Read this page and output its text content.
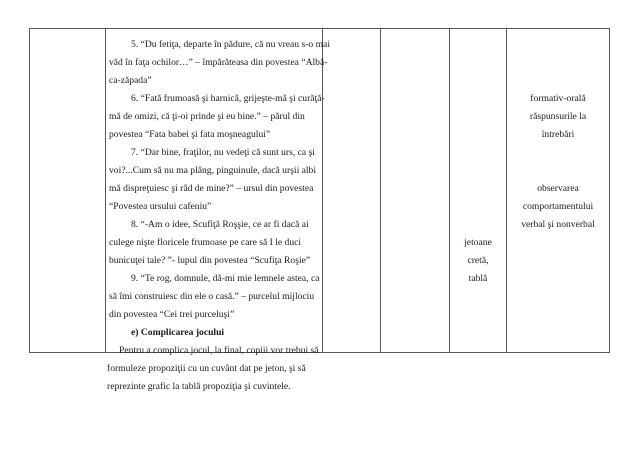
5. “Du fetiţa, departe în pădure, că nu vreau s-o mai
văd în faţa ochilor…” – împărăteasa din povestea “Albă-
ca-zăpada”
6. “Fată frumoasă şi harnică, grijeşte-mă şi curăţă-
mă de omizi, că ţi-oi prinde şi eu bine.” – părul din
povestea “Fata babei şi fata moşneagului”
7. “Dar bine, fraţilor, nu vedeţi că sunt urs, ca şi
voi?...Cum să nu ma plâng, pinguinule, dacă urşii albi
mă dispreţuiesc şi râd de mine?” – ursul din povestea
“Povestea ursului cafeniu”
8. “-Am o idee, Scufiţă Roşşie, ce ar fi dacă ai
culege nişte floricele frumoase pe care să I le duci
bunicuţei tale? ”- lupul din povestea “Scufiţa Roşie”
9. “Te rog, domnule, dă-mi mie lemnele astea, ca
să îmi construiesc din ele o casă.” – purcelul mijlociu
din povestea “Cei trei purceluşi”
e) Complicarea jocului
Pentru a complica jocul, la final, copiii vor trebui să
formuleze propoziţii cu un cuvânt dat pe jeton, şi să
reprezinte grafic la tablă propoziţia şi cuvintele.
jetoane
cretă,
tablă
formativ-orală
răspunsurile la
întrebări
observarea
comportamentului
verbal şi nonverbal
